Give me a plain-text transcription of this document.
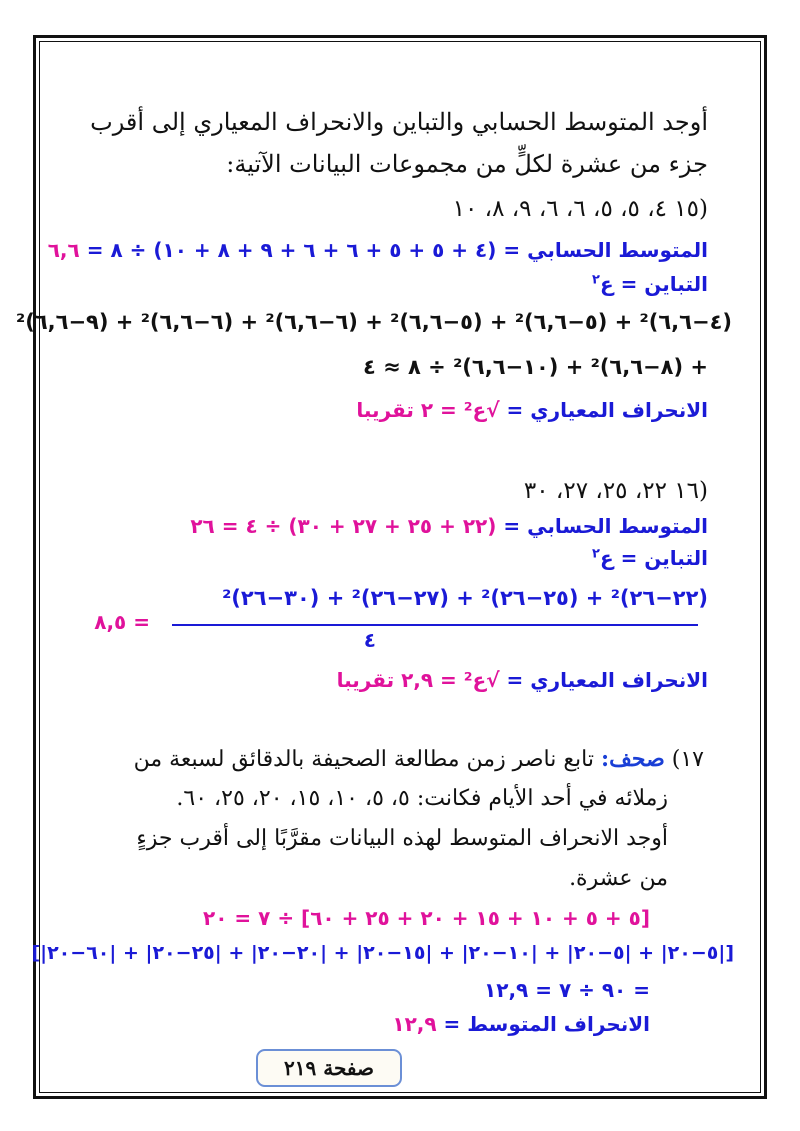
أوجد المتوسط الحسابي والتباين والانحراف المعياري إلى أقرب
جزء من عشرة لكلٍّ من مجموعات البيانات الآتية:
(١٥ ٤، ٥، ٥، ٦، ٦، ٩، ٨، ١٠
المتوسط الحسابي = (٤ + ٥ + ٥ + ٦ + ٦ + ٩ + ٨ + ١٠) ÷ ٨ = ٦,٦
التباين = ع$^٢$
(٤−٦,٦)² + (٥−٦,٦)² + (٥−٦,٦)² + (٦−٦,٦)² + (٦−٦,٦)² + (٩−٦,٦)²
+ (٨−٦,٦)² + (١٠−٦,٦)² ÷ ٨ ≈ ٤
الانحراف المعياري = √ع² = ٢ تقريبا
(١٦ ٢٢، ٢٥، ٢٧، ٣٠
المتوسط الحسابي = (٢٢ + ٢٥ + ٢٧ + ٣٠) ÷ ٤ = ٢٦
التباين = ع$^٢$
(٢٢−٢٦)² + (٢٥−٢٦)² + (٢٧−٢٦)² + (٣٠−٢٦)²
٤
= ٨,٥
الانحراف المعياري = √ع² = ٢,٩ تقريبا
١٧) صحف: تابع ناصر زمن مطالعة الصحيفة بالدقائق لسبعة من
زملائه في أحد الأيام فكانت: ٥، ٥، ١٠، ١٥، ٢٠، ٢٥، ٦٠.
أوجد الانحراف المتوسط لهذه البيانات مقرَّبًا إلى أقرب جزءٍ
من عشرة.
[٥ + ٥ + ١٠ + ١٥ + ٢٠ + ٢٥ + ٦٠] ÷ ٧ = ٢٠
[|٥−٢٠| + |٥−٢٠| + |١٠−٢٠| + |١٥−٢٠| + |٢٠−٢٠| + |٢٥−٢٠| + |٦٠−٢٠|]
= ٩٠ ÷ ٧ = ١٢,٩
الانحراف المتوسط = ١٢,٩
صفحة ٢١٩
